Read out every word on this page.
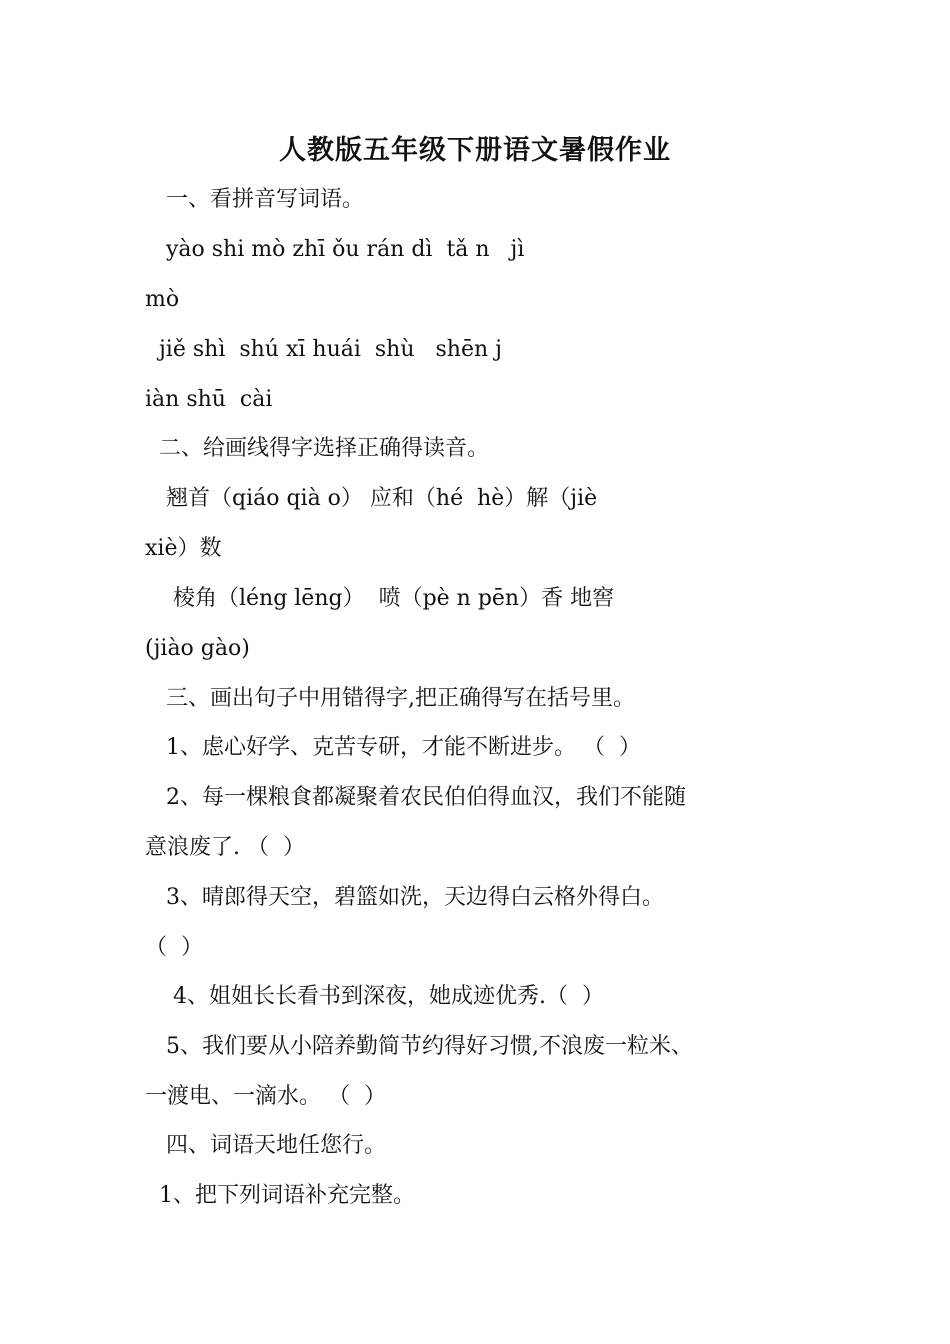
人教版五年级下册语文暑假作业
一、看拼音写词语。
yào shi mò zhī ǒu rán dì  tǎ n   jì
mò
jiě shì  shú xī huái  shù   shēn j
iàn shū  cài
二、给画线得字选择正确得读音。
翘首（qiáo qià o） 应和（hé  hè）解（jiè
xiè）数
棱角（léng lēng）  喷（pè n pēn）香 地窖
(jiào gào)
三、画出句子中用错得字,把正确得写在括号里。
1、虑心好学、克苦专研，才能不断进步。 （  ）
2、每一棵粮食都凝聚着农民伯伯得血汉，我们不能随
意浪废了. （  ）
3、晴郎得天空，碧篮如洗，天边得白云格外得白。
（  ）
4、姐姐长长看书到深夜，她成迹优秀.（  ）
5、我们要从小陪养勤简节约得好习惯,不浪废一粒米、
一渡电、一滴水。 （  ）
四、词语天地任您行。
1、把下列词语补充完整。
